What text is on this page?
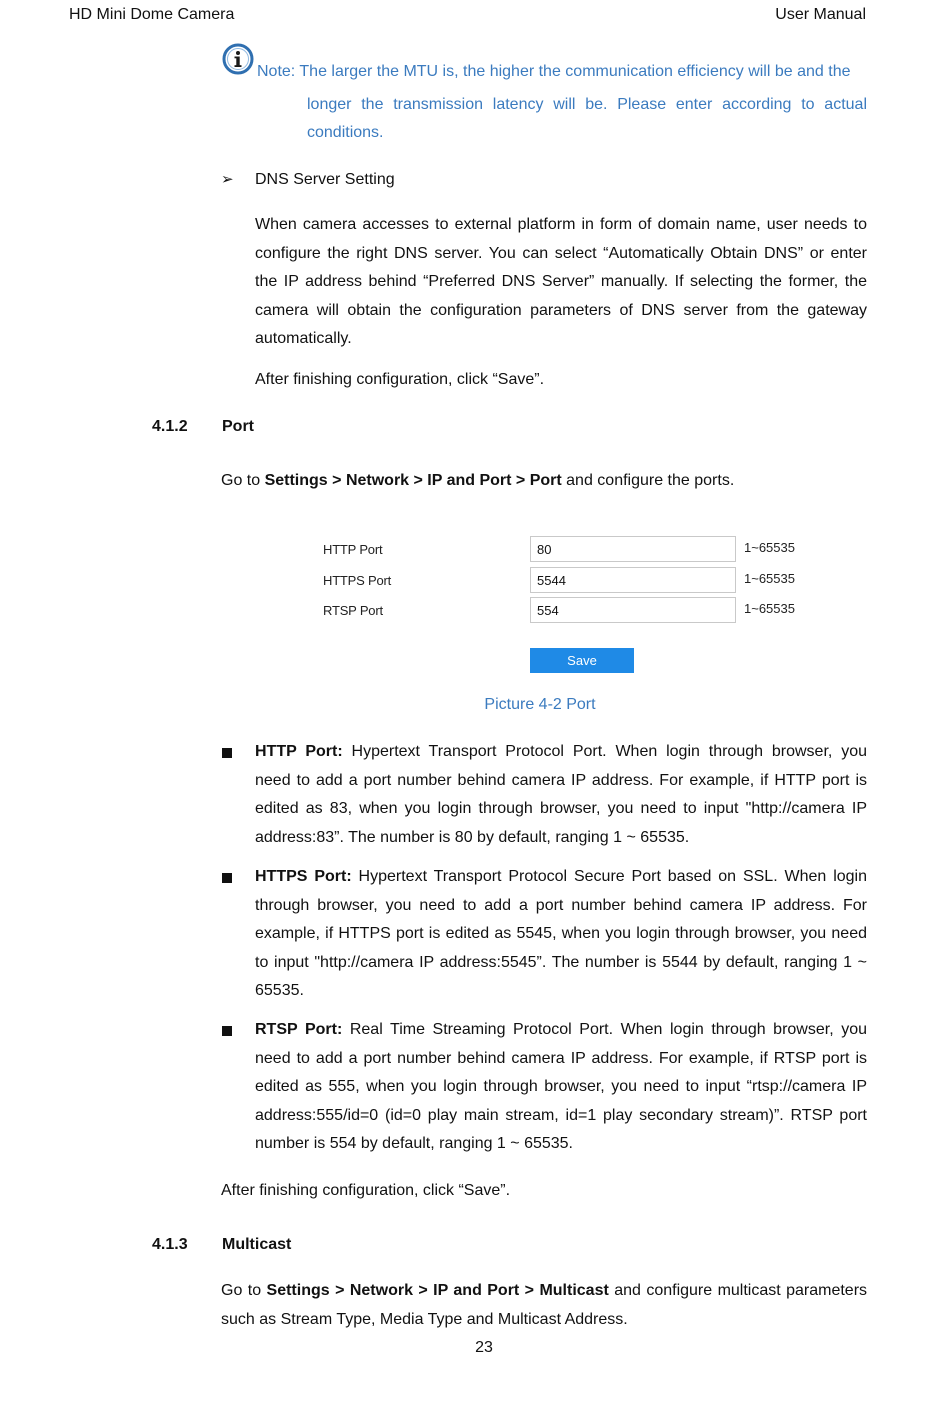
HD Mini Dome Camera	User Manual
Note: The larger the MTU is, the higher the communication efficiency will be and the
longer the transmission latency will be. Please enter according to actual
conditions.
➢ DNS Server Setting
When camera accesses to external platform in form of domain name, user needs to
configure the right DNS server. You can select “Automatically Obtain DNS” or enter
the IP address behind “Preferred DNS Server” manually. If selecting the former, the
camera will obtain the configuration parameters of DNS server from the gateway
automatically.
After finishing configuration, click “Save”.
4.1.2 Port
Go to Settings > Network > IP and Port > Port and configure the ports.
HTTP Port
80	1~65535
HTTPS Port
5544	1~65535
RTSP Port
554	1~65535
Save
Picture 4-2 Port
HTTP Port: Hypertext Transport Protocol Port. When login through browser, you
need to add a port number behind camera IP address. For example, if HTTP port is
edited as 83, when you login through browser, you need to input "http://camera IP
address:83”. The number is 80 by default, ranging 1 ~ 65535.
HTTPS Port: Hypertext Transport Protocol Secure Port based on SSL. When login
through browser, you need to add a port number behind camera IP address. For
example, if HTTPS port is edited as 5545, when you login through browser, you need
to input "http://camera IP address:5545”. The number is 5544 by default, ranging 1 ~
65535.
RTSP Port: Real Time Streaming Protocol Port. When login through browser, you
need to add a port number behind camera IP address. For example, if RTSP port is
edited as 555, when you login through browser, you need to input “rtsp://camera IP
address:555/id=0 (id=0 play main stream, id=1 play secondary stream)”. RTSP port
number is 554 by default, ranging 1 ~ 65535.
After finishing configuration, click “Save”.
4.1.3 Multicast
Go to Settings > Network > IP and Port > Multicast and configure multicast parameters
such as Stream Type, Media Type and Multicast Address.
23
